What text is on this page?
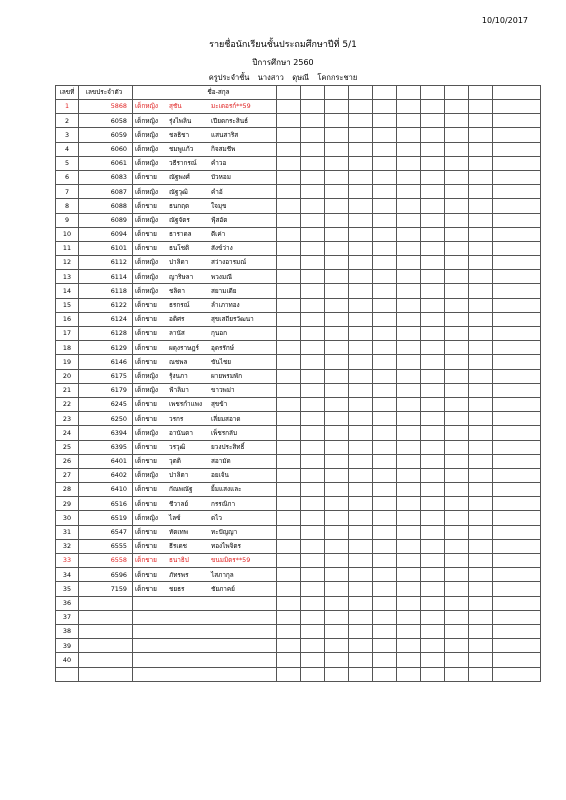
10/10/2017
รายชื่อนักเรียนชั้นประถมศึกษาปีที่ 5/1
ปีการศึกษา 2560
ครูประจำชั้น นางสาว ดุษณี โคกกระชาย
เลขที่	เลขประจำตัว	ชื่อ-สกุล											
1	5868	เด็กหญิง สุชัน มะเดอรก์**59											
2	6058	เด็กหญิง รุ่งไพลิน เปียดกระสินธ์											
3	6059	เด็กหญิง ชลธิชา แสนสาริส											
4	6060	เด็กหญิง ชมพูแก้ว กิจสมชีพ											
5	6061	เด็กหญิง วธีรากรณ์ คำวอ											
6	6083	เด็กชาย ณัฐพงศ์ บัวหอม											
7	6087	เด็กหญิง ณัฐวุฒิ คำอ้											
8	6088	เด็กชาย ธนกฤต ใจมุข											
9	6089	เด็กหญิง ณัฐจัตร ฟุ้สอัต											
10	6094	เด็กชาย ธาราดล ตีเค่า											
11	6101	เด็กชาย ธนโชติ สังข์ว่าง											
12	6112	เด็กหญิง ปาลิดา สว่างอารมณ์											
13	6114	เด็กหญิง ญาริษลา พวงมณี											
14	6118	เด็กหญิง ชลิดา สยามเดีย											
15	6122	เด็กชาย ธรกรณ์ ลำเภาทอง											
16	6124	เด็กชาย อติศร สุขเสถียรวัฒนา											
17	6128	เด็กชาย ลานัส กุนอก											
18	6129	เด็กชาย ผดุงราษฎร์ อุดรรักษ์											
19	6146	เด็กชาย ณชพล ขันไชย											
20	6175	เด็กหญิง รุ้งนภา ผายพรมพัก											
21	6179	เด็กหญิง ฟ้าลิมา ขาวพม่า											
22	6245	เด็กชาย เพชรกำแพง สุขข้า											
23	6250	เด็กชาย วรกร เลี่ยมสอาด											
24	6394	เด็กหญิง อานันตา เพ็ชรกลับ											
25	6395	เด็กชาย วรวุฒิ ยวงประสิทธิ์											
26	6401	เด็กชาย วุตติ สอามัด											
27	6402	เด็กหญิง ปาลิตา อยเจ้น											
28	6410	เด็กชาย กัณพณัฐ ยิ้มแสงและ											
29	6516	เด็กชาย ชีวาลย์ กรรณิกา											
30	6519	เด็กหญิง ไลซ์ ดไว											
31	6547	เด็กชาย ทัตเทพ ทะปัญญา											
32	6555	เด็กชาย ธีรเดช ทองไพจิตร											
33	6558	เด็กชาย ธนาธิป ขนมมิตร**59											
34	6596	เด็กชาย ภัทรพร ไสภากุล											
35	7159	เด็กชาย ชยธร ชัยภาคย์											
36													
37													
38													
39													
40													
